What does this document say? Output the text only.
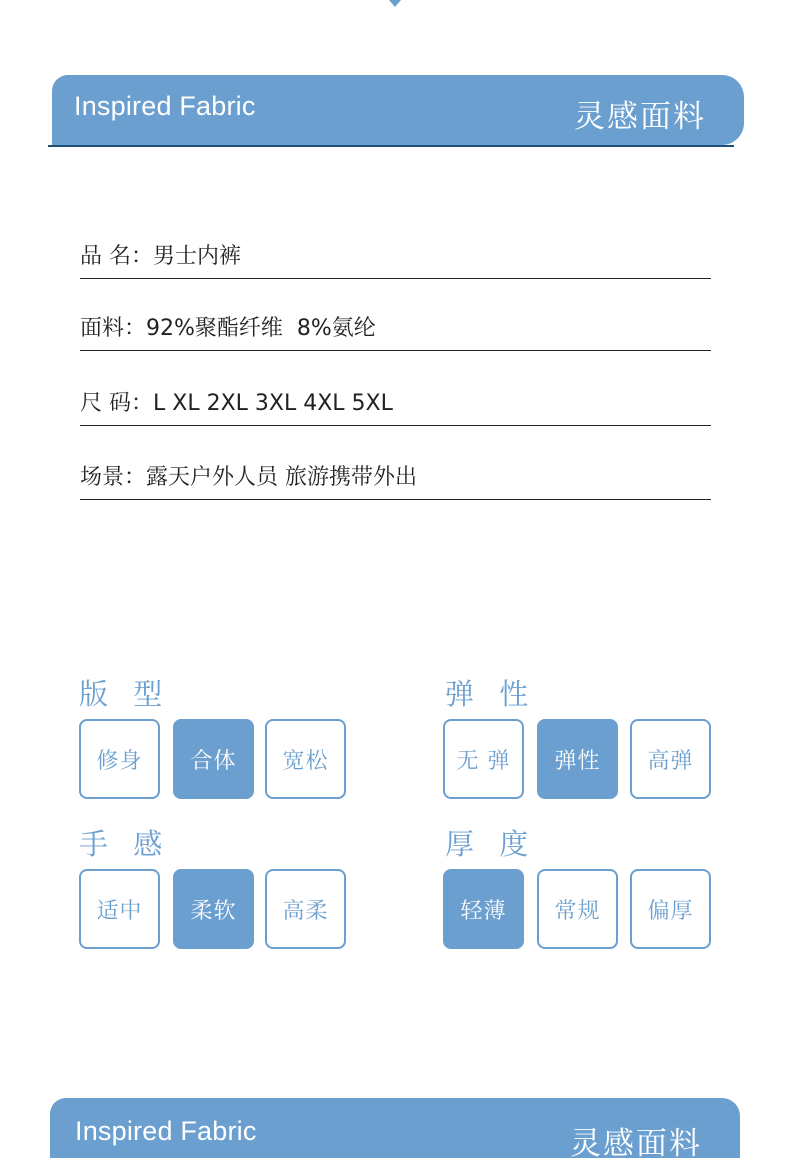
Inspired Fabric	灵感面料
品 名：男士内裤
面料：92%聚酯纤维  8%氨纶
尺 码：L XL 2XL 3XL 4XL 5XL
场景：露天户外人员 旅游携带外出
版 型
修身	合体	宽松
弹 性
无 弹	弹性	高弹
手 感
适中	柔软	高柔
厚 度
轻薄	常规	偏厚
Inspired Fabric	灵感面料
